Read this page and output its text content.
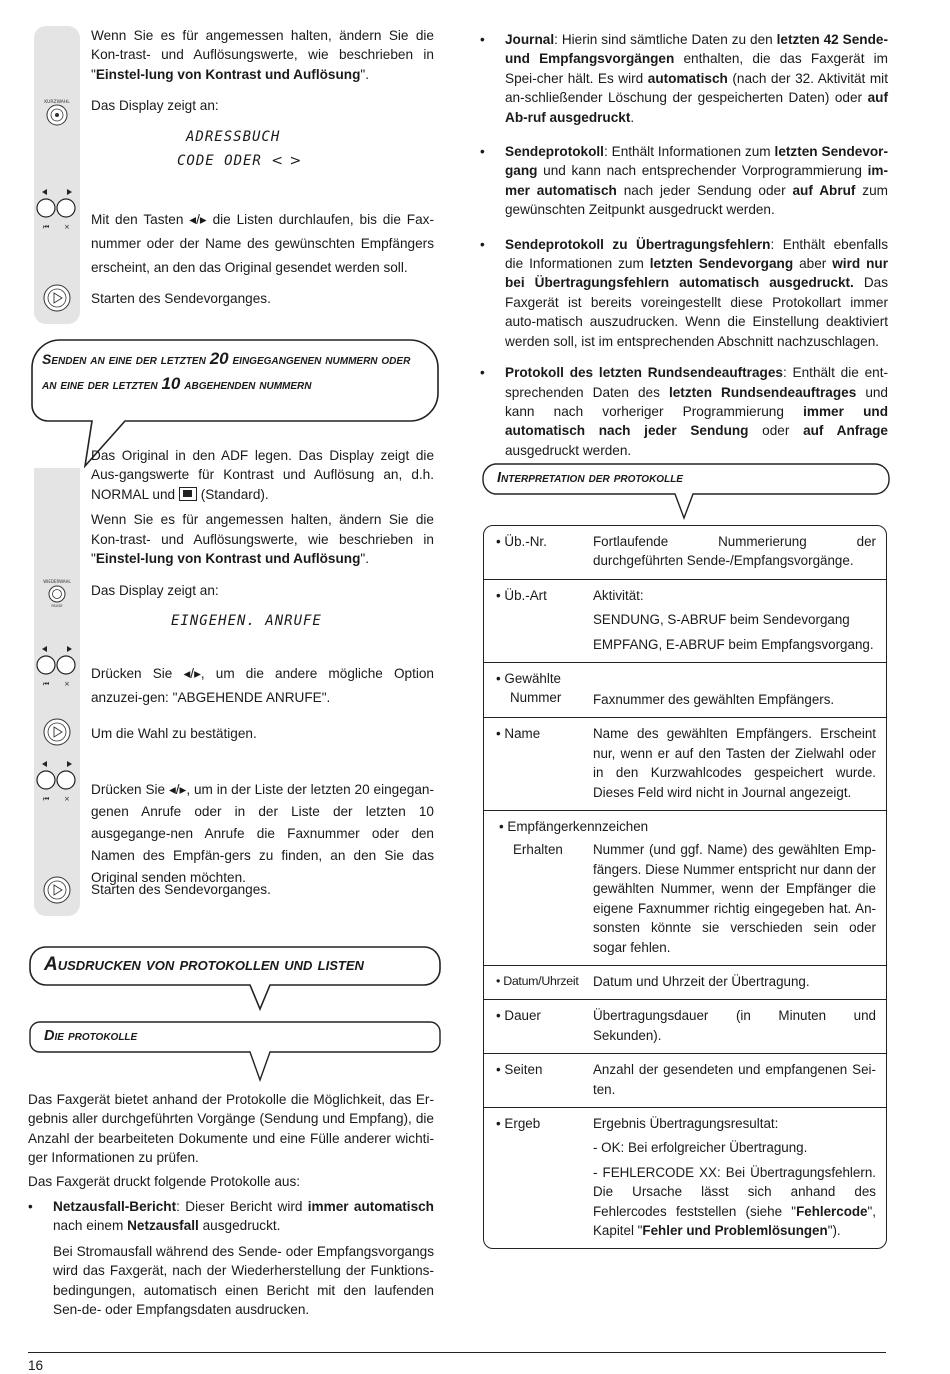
Wenn Sie es für angemessen halten, ändern Sie die Kon-trast- und Auflösungswerte, wie beschrieben in "Einstel-lung von Kontrast und Auflösung".

Das Display zeigt an:

ADRESSBUCH
CODE ODER < >
KURZWAHL
⏮ × Mit den Tasten ◂/▸ die Listen durchlaufen, bis die Fax-nummer oder der Name des gewünschten Empfängers erscheint, an den das Original gesendet werden soll.

Starten des Sendevorganges.

Senden an eine der letzten 20 eingegangenen nummern oder an eine der letzten 10 abgehenden nummern

Das Original in den ADF legen. Das Display zeigt die Aus-gangswerte für Kontrast und Auflösung an, d.h. NORMAL und (Standard).

Wenn Sie es für angemessen halten, ändern Sie die Kon-trast- und Auflösungswerte, wie beschrieben in "Einstel-lung von Kontrast und Auflösung".

Das Display zeigt an:

EINGEHEN. ANRUFE
WIEDERWAHL
PAUSE
⏮ ×

Drücken Sie ◂/▸, um die andere mögliche Option anzuzei-gen: "ABGEHENDE ANRUFE".

Um die Wahl zu bestätigen.

⏮ ×

Drücken Sie ◂/▸, um in der Liste der letzten 20 eingegan-genen Anrufe oder in der Liste der letzten 10 ausgegange-nen Anrufe die Faxnummer oder den Namen des Empfän-gers zu finden, an den Sie das Original senden möchten.

Starten des Sendevorganges.

Ausdrucken von protokollen und listen
Die protokolle

Das Faxgerät bietet anhand der Protokolle die Möglichkeit, das Er-gebnis aller durchgeführten Vorgänge (Sendung und Empfang), die Anzahl der bearbeiteten Dokumente und eine Fülle anderer wichti-ger Informationen zu prüfen.

Das Faxgerät druckt folgende Protokolle aus:

• Netzausfall-Bericht: Dieser Bericht wird immer automatisch nach einem Netzausfall ausgedruckt.

Bei Stromausfall während des Sende- oder Empfangsvorgangs wird das Faxgerät, nach der Wiederherstellung der Funktions-bedingungen, automatisch einen Bericht mit den laufenden Sen-de- oder Empfangsdaten ausdrucken.

• Journal: Hierin sind sämtliche Daten zu den letzten 42 Sende- und Empfangsvorgängen enthalten, die das Faxgerät im Spei-cher hält. Es wird automatisch (nach der 32. Aktivität mit an-schließender Löschung der gespeicherten Daten) oder auf Ab-ruf ausgedruckt.

• Sendeprotokoll: Enthält Informationen zum letzten Sendevor-gang und kann nach entsprechender Vorprogrammierung im-mer automatisch nach jeder Sendung oder auf Abruf zum gewünschten Zeitpunkt ausgedruckt werden.

• Sendeprotokoll zu Übertragungsfehlern: Enthält ebenfalls die Informationen zum letzten Sendevorgang aber wird nur bei Übertragungsfehlern automatisch ausgedruckt. Das Faxgerät ist bereits voreingestellt diese Protokollart immer auto-matisch auszudrucken. Wenn die Einstellung deaktiviert werden soll, ist im entsprechenden Abschnitt nachzuschlagen.

• Protokoll des letzten Rundsendeauftrages: Enthält die ent-sprechenden Daten des letzten Rundsendeauftrages und kann nach vorheriger Programmierung immer und automatisch nach jeder Sendung oder auf Anfrage ausgedruckt werden.

Interpretation der protokolle
• Üb.-Nr.	Fortlaufende Nummerierung der durchgeführten Sende-/Empfangsvorgänge.
• Üb.-Art	Aktivität:
SENDUNG, S-ABRUF beim Sendevorgang
EMPFANG, E-ABRUF beim Empfangsvorgang.
• Gewählte
Nummer	Faxnummer des gewählten Empfängers.
• Name	Name des gewählten Empfängers. Erscheint nur, wenn er auf den Tasten der Zielwahl oder in den Kurzwahlcodes gespeichert wurde. Dieses Feld wird nicht in Journal angezeigt.
• Empfängerkennzeichen
Erhalten	Nummer (und ggf. Name) des gewählten Emp-fängers. Diese Nummer entspricht nur dann der gewählten Nummer, wenn der Empfänger die eigene Faxnummer richtig eingegeben hat. An-sonsten könnte sie verschieden sein oder sogar fehlen.
• Datum/Uhrzeit	Datum und Uhrzeit der Übertragung.
• Dauer	Übertragungsdauer (in Minuten und Sekunden).
• Seiten	Anzahl der gesendeten und empfangenen Sei-ten.
• Ergeb	Ergebnis Übertragungsresultat:
- OK: Bei erfolgreicher Übertragung.
- FEHLERCODE XX: Bei Übertragungsfehlern. Die Ursache lässt sich anhand des Fehlercodes feststellen (siehe "Fehlercode", Kapitel "Fehler und Problemlösungen").
16
